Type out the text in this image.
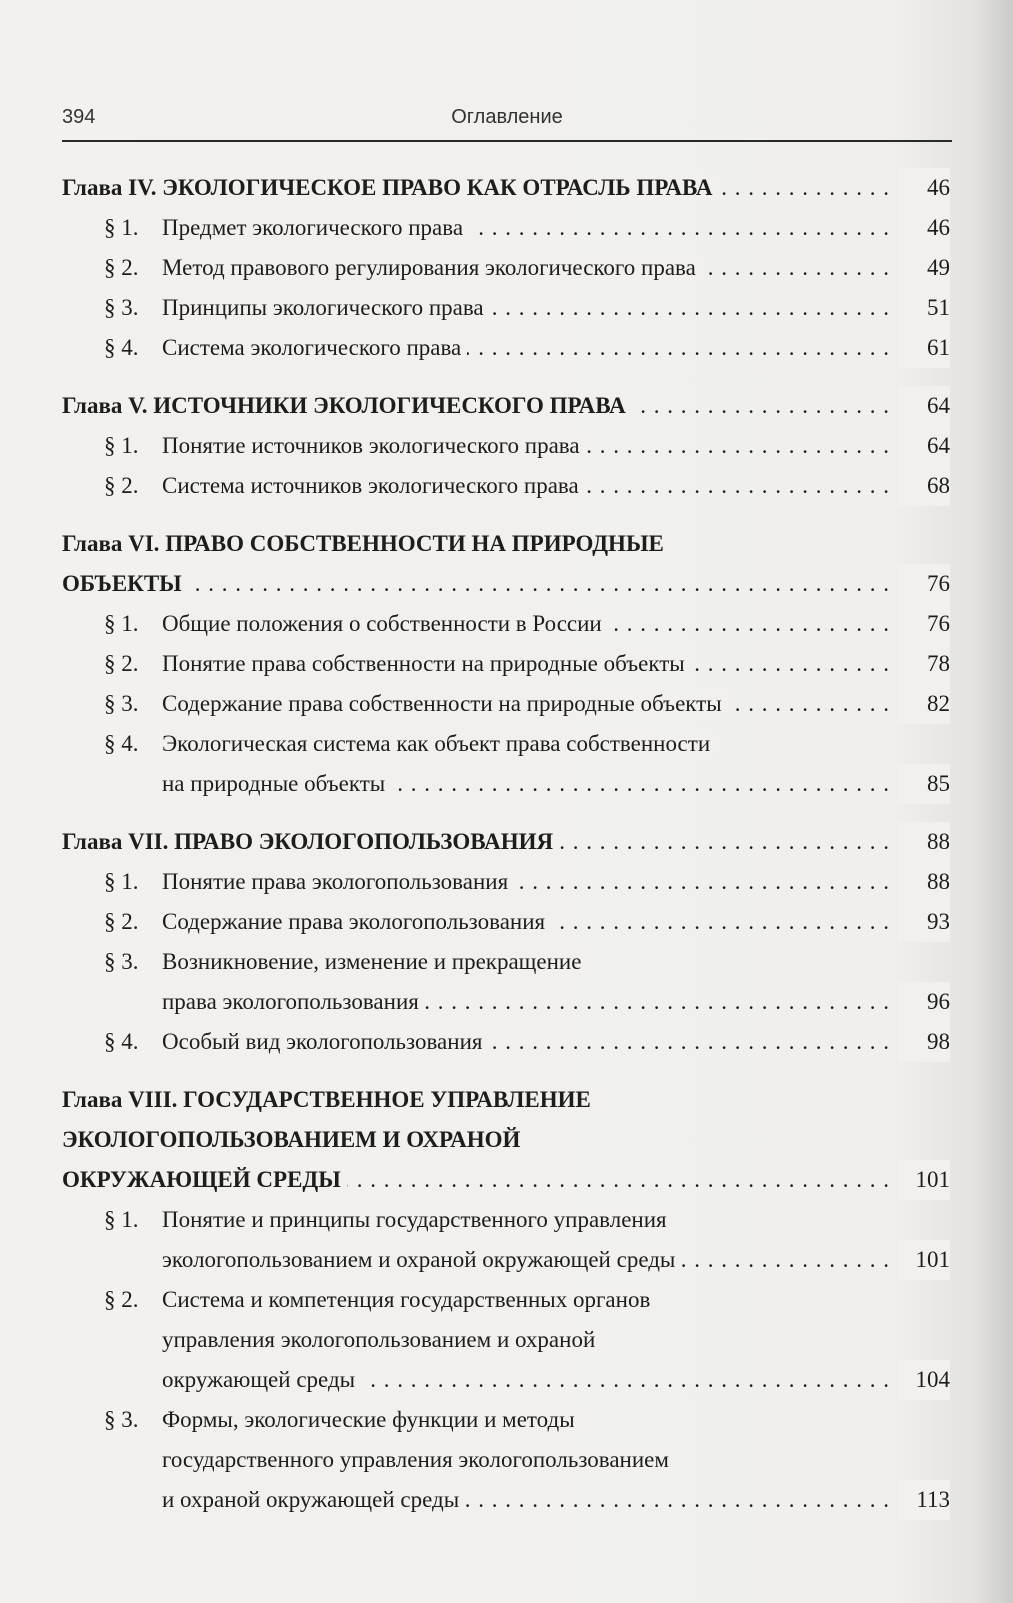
394	Оглавление
Глава IV. ЭКОЛОГИЧЕСКОЕ ПРАВО КАК ОТРАСЛЬ ПРАВА	46
. . .
§ 1. Предмет экологического права	46
. . .
§ 2. Метод правового регулирования экологического права	49
. . .
§ 3. Принципы экологического права	51
. . .
§ 4. Система экологического права	61
. . .
Глава V. ИСТОЧНИКИ ЭКОЛОГИЧЕСКОГО ПРАВА	64
. . .
§ 1. Понятие источников экологического права	64
. . .
§ 2. Система источников экологического права	68
. . .
Глава VI. ПРАВО СОБСТВЕННОСТИ НА ПРИРОДНЫЕ
ОБЪЕКТЫ	76
. . .
§ 1. Общие положения о собственности в России	76
. . .
§ 2. Понятие права собственности на природные объекты	78
. . .
§ 3. Содержание права собственности на природные объекты	82
. . .
§ 4. Экологическая система как объект права собственности
на природные объекты	85
. . .
Глава VII. ПРАВО ЭКОЛОГОПОЛЬЗОВАНИЯ	88
. . .
§ 1. Понятие права экологопользования	88
. . .
§ 2. Содержание права экологопользования	93
. . .
§ 3. Возникновение, изменение и прекращение
права экологопользования	96
. . .
§ 4. Особый вид экологопользования	98
. . .
Глава VIII. ГОСУДАРСТВЕННОЕ УПРАВЛЕНИЕ
ЭКОЛОГОПОЛЬЗОВАНИЕМ И ОХРАНОЙ
ОКРУЖАЮЩЕЙ СРЕДЫ	101
. . .
§ 1. Понятие и принципы государственного управления
экологопользованием и охраной окружающей среды	101
. . .
§ 2. Система и компетенция государственных органов
управления экологопользованием и охраной
окружающей среды	104
. . .
§ 3. Формы, экологические функции и методы
государственного управления экологопользованием
и охраной окружающей среды	113
. . .
